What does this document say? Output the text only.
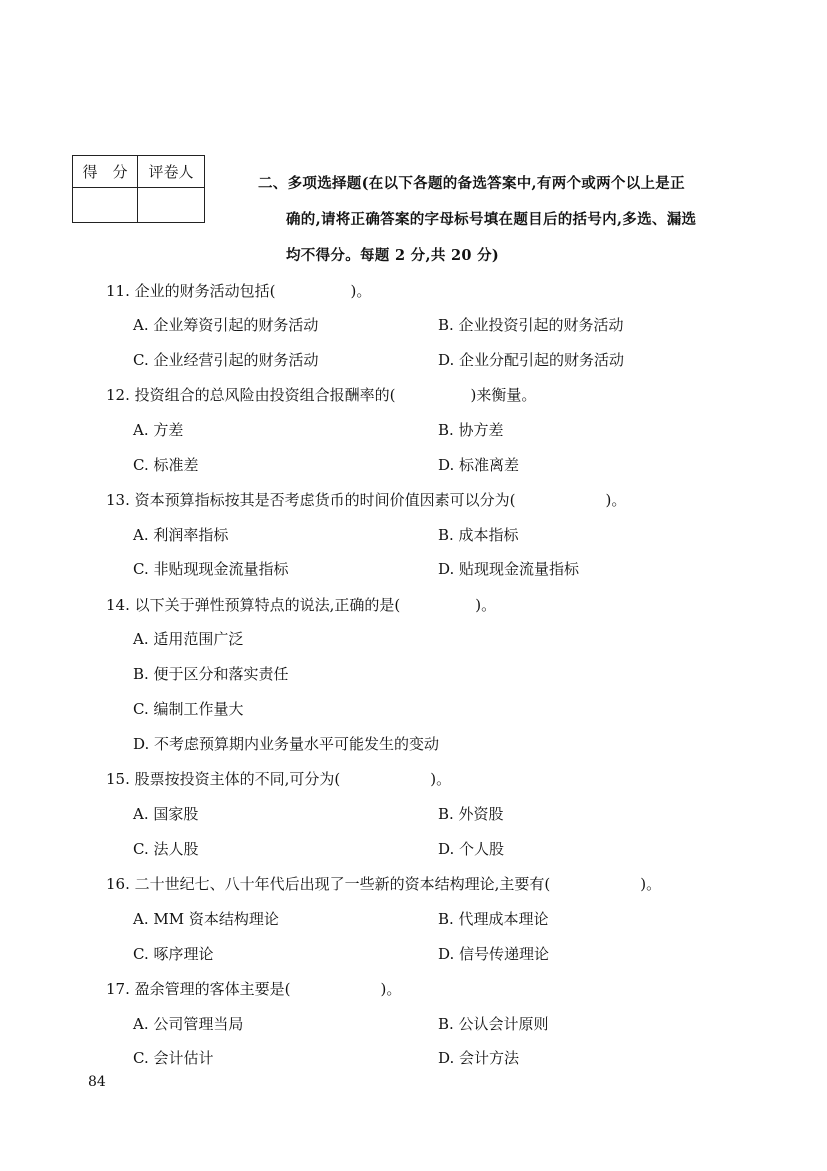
得　分	评卷人

二、多项选择题(在以下各题的备选答案中,有两个或两个以上是正
确的,请将正确答案的字母标号填在题目后的括号内,多选、漏选
均不得分。每题 2 分,共 20 分)
11. 企业的财务活动包括(　　　　　)。
A. 企业筹资引起的财务活动	B. 企业投资引起的财务活动
C. 企业经营引起的财务活动	D. 企业分配引起的财务活动
12. 投资组合的总风险由投资组合报酬率的(　　　　　)来衡量。
A. 方差	B. 协方差
C. 标准差	D. 标准离差
13. 资本预算指标按其是否考虑货币的时间价值因素可以分为(　　　　　　)。
A. 利润率指标	B. 成本指标
C. 非贴现现金流量指标	D. 贴现现金流量指标
14. 以下关于弹性预算特点的说法,正确的是(　　　　　)。
A. 适用范围广泛
B. 便于区分和落实责任
C. 编制工作量大
D. 不考虑预算期内业务量水平可能发生的变动
15. 股票按投资主体的不同,可分为(　　　　　　)。
A. 国家股	B. 外资股
C. 法人股	D. 个人股
16. 二十世纪七、八十年代后出现了一些新的资本结构理论,主要有(　　　　　　)。
A. MM 资本结构理论	B. 代理成本理论
C. 啄序理论	D. 信号传递理论
17. 盈余管理的客体主要是(　　　　　　)。
A. 公司管理当局	B. 公认会计原则
C. 会计估计	D. 会计方法
84
